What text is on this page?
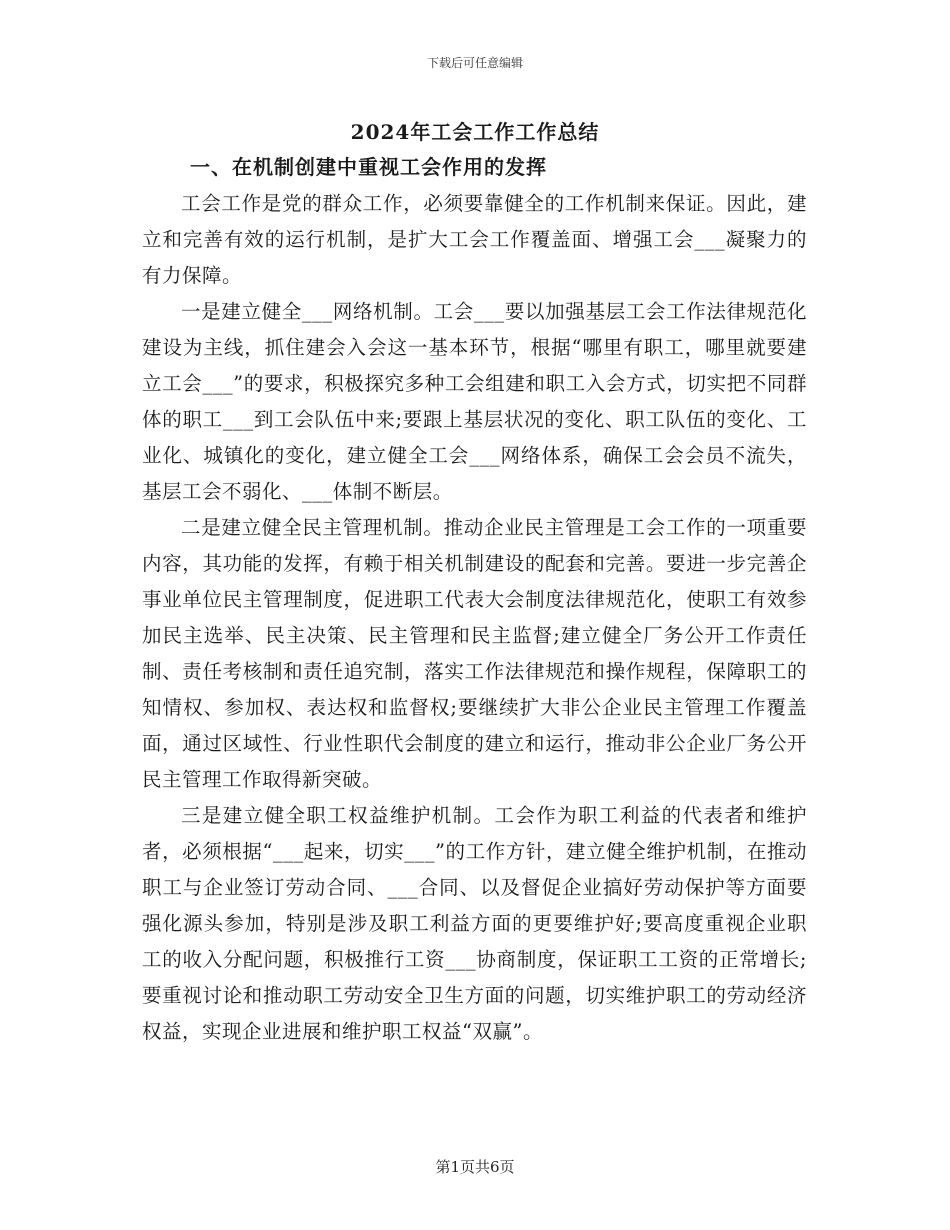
下载后可任意编辑
2024年工会工作工作总结
一、在机制创建中重视工会作用的发挥

工会工作是党的群众工作，必须要靠健全的工作机制来保证。因此，建立和完善有效的运行机制，是扩大工会工作覆盖面、增强工会___凝聚力的有力保障。

一是建立健全___网络机制。工会___要以加强基层工会工作法律规范化建设为主线，抓住建会入会这一基本环节，根据“哪里有职工，哪里就要建立工会___”的要求，积极探究多种工会组建和职工入会方式，切实把不同群体的职工___到工会队伍中来;要跟上基层状况的变化、职工队伍的变化、工业化、城镇化的变化，建立健全工会___网络体系，确保工会会员不流失，基层工会不弱化、___体制不断层。

二是建立健全民主管理机制。推动企业民主管理是工会工作的一项重要内容，其功能的发挥，有赖于相关机制建设的配套和完善。要进一步完善企事业单位民主管理制度，促进职工代表大会制度法律规范化，使职工有效参加民主选举、民主决策、民主管理和民主监督;建立健全厂务公开工作责任制、责任考核制和责任追究制，落实工作法律规范和操作规程，保障职工的知情权、参加权、表达权和监督权;要继续扩大非公企业民主管理工作覆盖面，通过区域性、行业性职代会制度的建立和运行，推动非公企业厂务公开民主管理工作取得新突破。

三是建立健全职工权益维护机制。工会作为职工利益的代表者和维护者，必须根据“___起来，切实___”的工作方针，建立健全维护机制，在推动职工与企业签订劳动合同、___合同、以及督促企业搞好劳动保护等方面要强化源头参加，特别是涉及职工利益方面的更要维护好;要高度重视企业职工的收入分配问题，积极推行工资___协商制度，保证职工工资的正常增长;要重视讨论和推动职工劳动安全卫生方面的问题，切实维护职工的劳动经济权益，实现企业进展和维护职工权益“双赢”。

第1页共6页
